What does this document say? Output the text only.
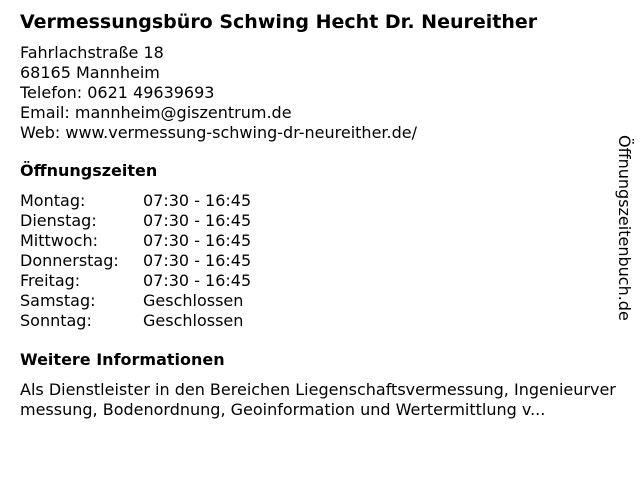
Vermessungsbüro Schwing Hecht Dr. Neureither
Fahrlachstraße 18
68165 Mannheim
Telefon: 0621 49639693
Email: mannheim@giszentrum.de
Web: www.vermessung-schwing-dr-neureither.de/
Öffnungszeiten
Montag:	07:30 - 16:45
Dienstag:	07:30 - 16:45
Mittwoch:	07:30 - 16:45
Donnerstag:	07:30 - 16:45
Freitag:	07:30 - 16:45
Samstag:	Geschlossen
Sonntag:	Geschlossen
Weitere Informationen
Als Dienstleister in den Bereichen Liegenschaftsvermessung, Ingenieurvermessung, Bodenordnung, Geoinformation und Wertermittlung v...
Öffnungszeitenbuch.de
